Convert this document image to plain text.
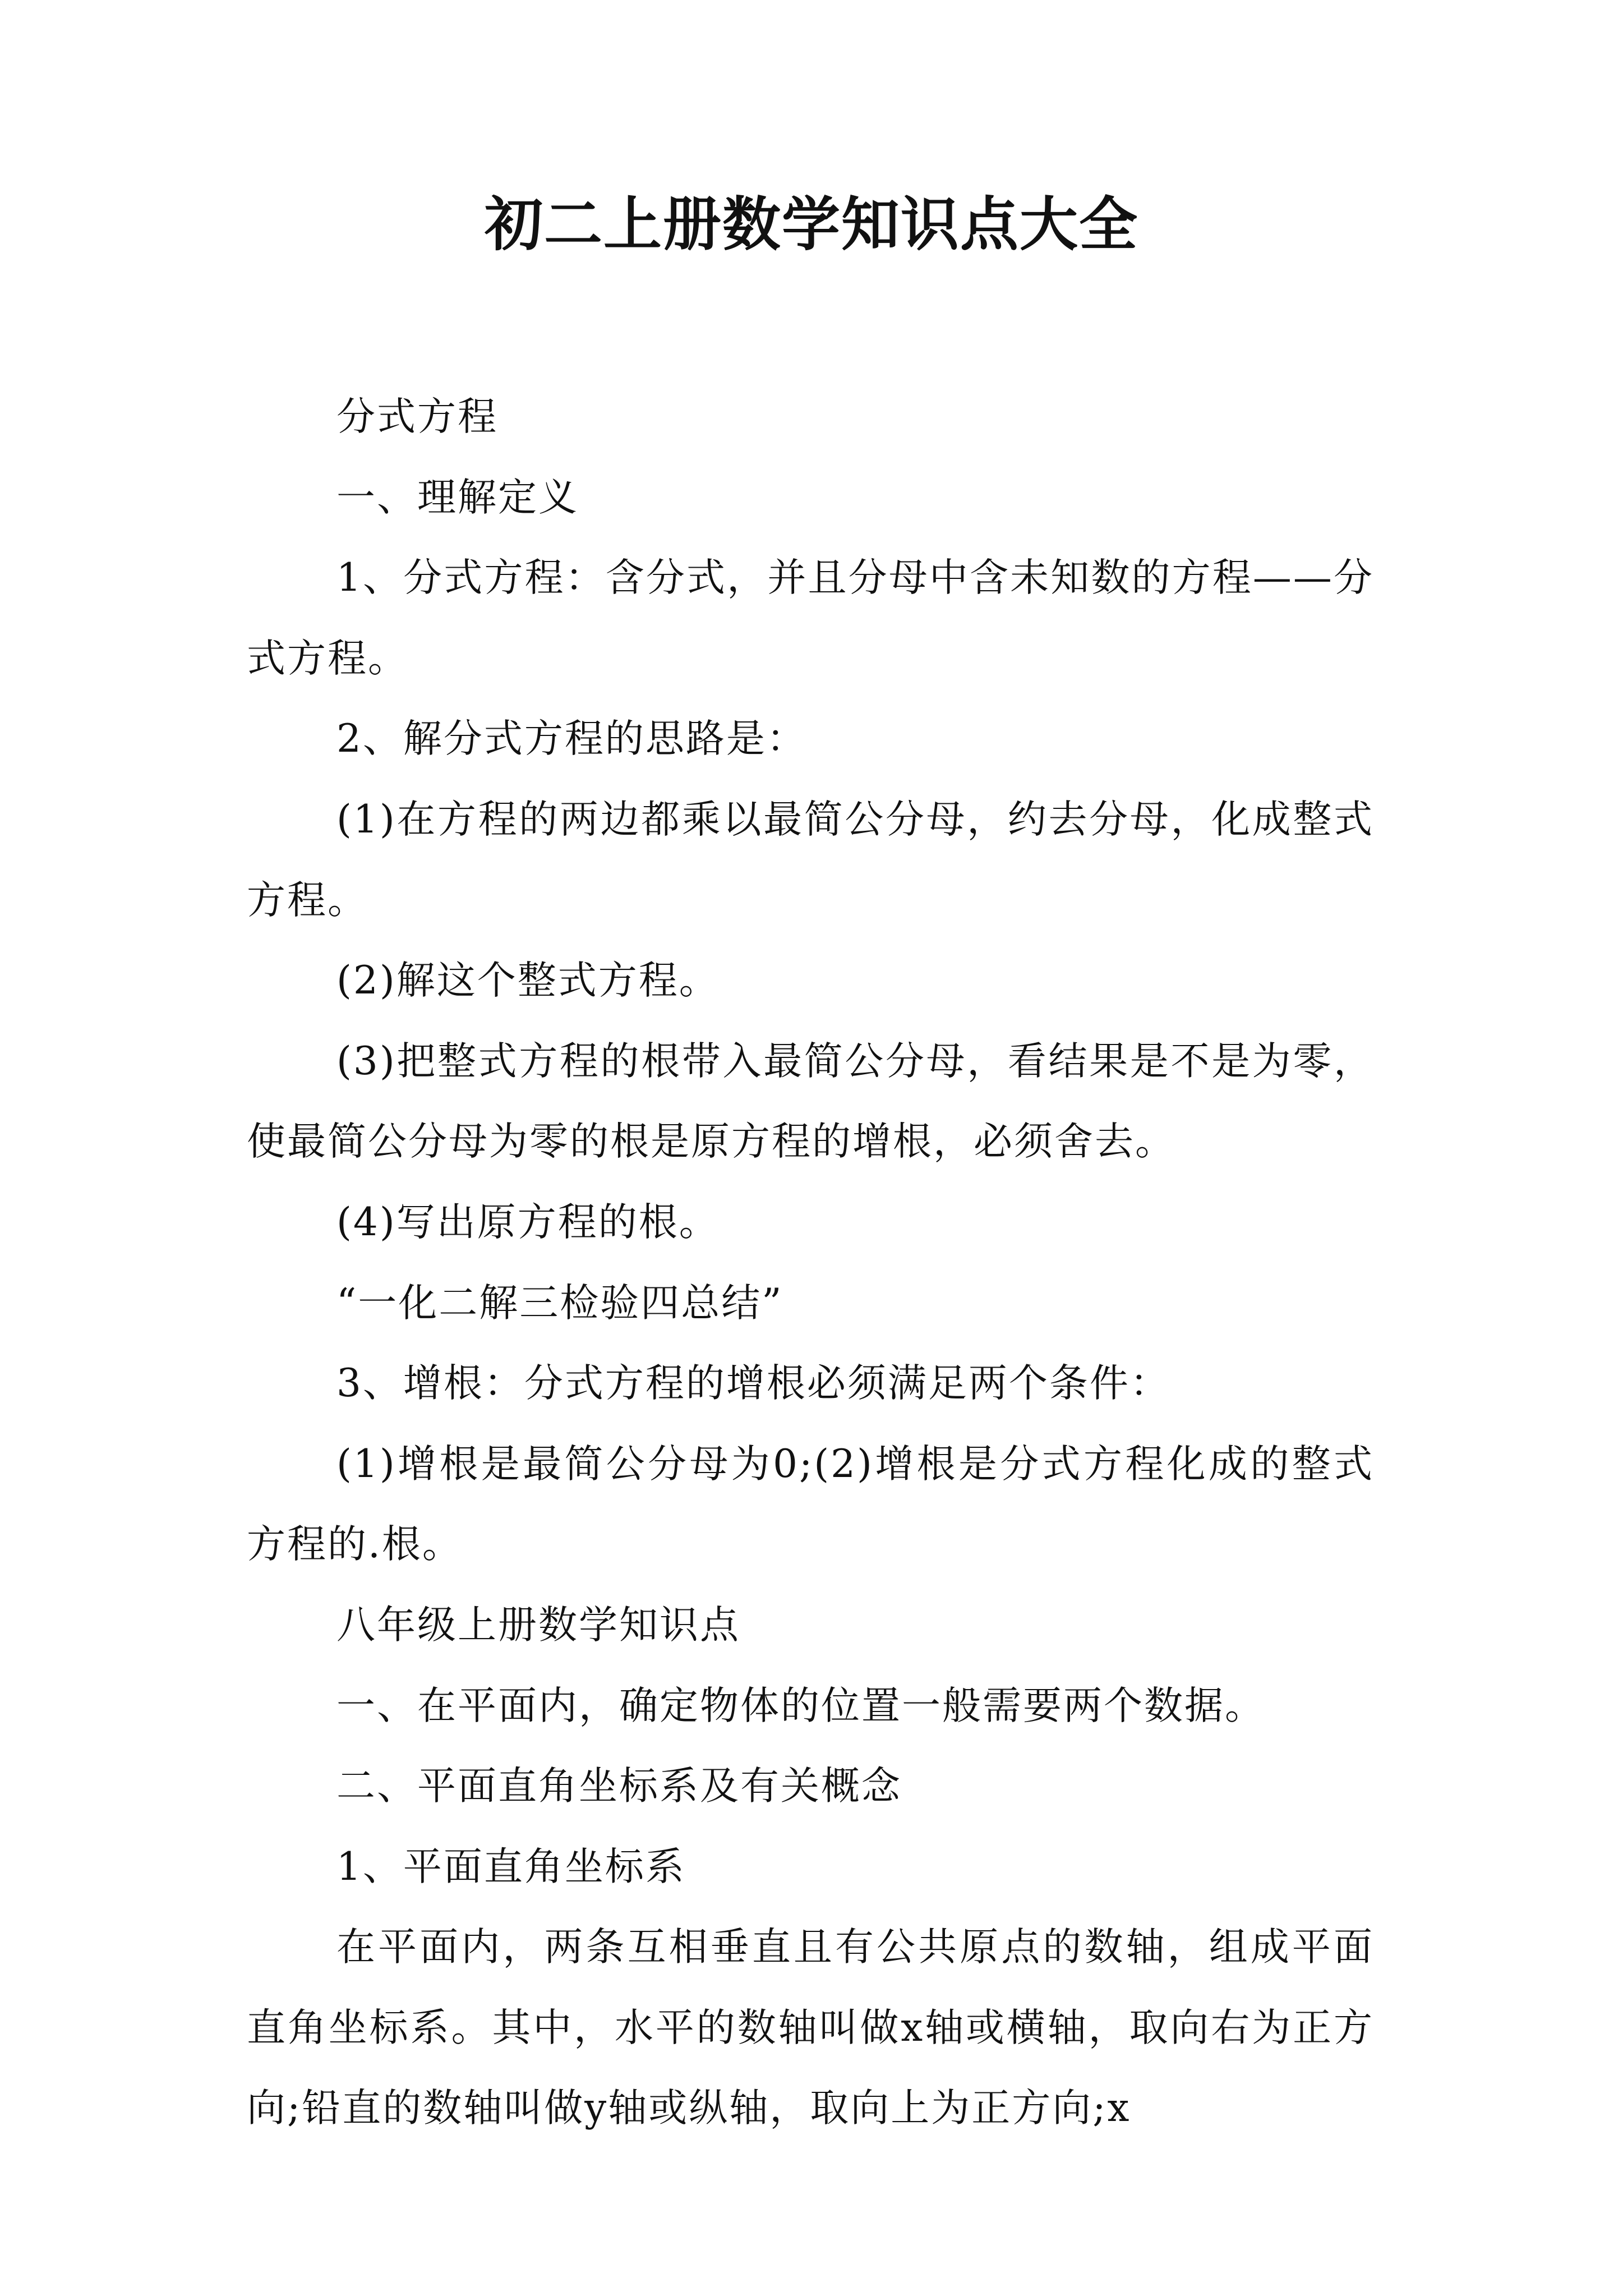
初二上册数学知识点大全

分式方程

一、理解定义

1、分式方程：含分式，并且分母中含未知数的方程——分式方程。

2、解分式方程的思路是：

(1)在方程的两边都乘以最简公分母，约去分母，化成整式方程。

(2)解这个整式方程。

(3)把整式方程的根带入最简公分母，看结果是不是为零，使最简公分母为零的根是原方程的增根，必须舍去。

(4)写出原方程的根。

“一化二解三检验四总结”

3、增根：分式方程的增根必须满足两个条件：

(1)增根是最简公分母为0;(2)增根是分式方程化成的整式方程的.根。

八年级上册数学知识点

一、在平面内，确定物体的位置一般需要两个数据。

二、平面直角坐标系及有关概念

1、平面直角坐标系

在平面内，两条互相垂直且有公共原点的数轴，组成平面直角坐标系。其中，水平的数轴叫做x轴或横轴，取向右为正方向;铅直的数轴叫做y轴或纵轴，取向上为正方向;x
